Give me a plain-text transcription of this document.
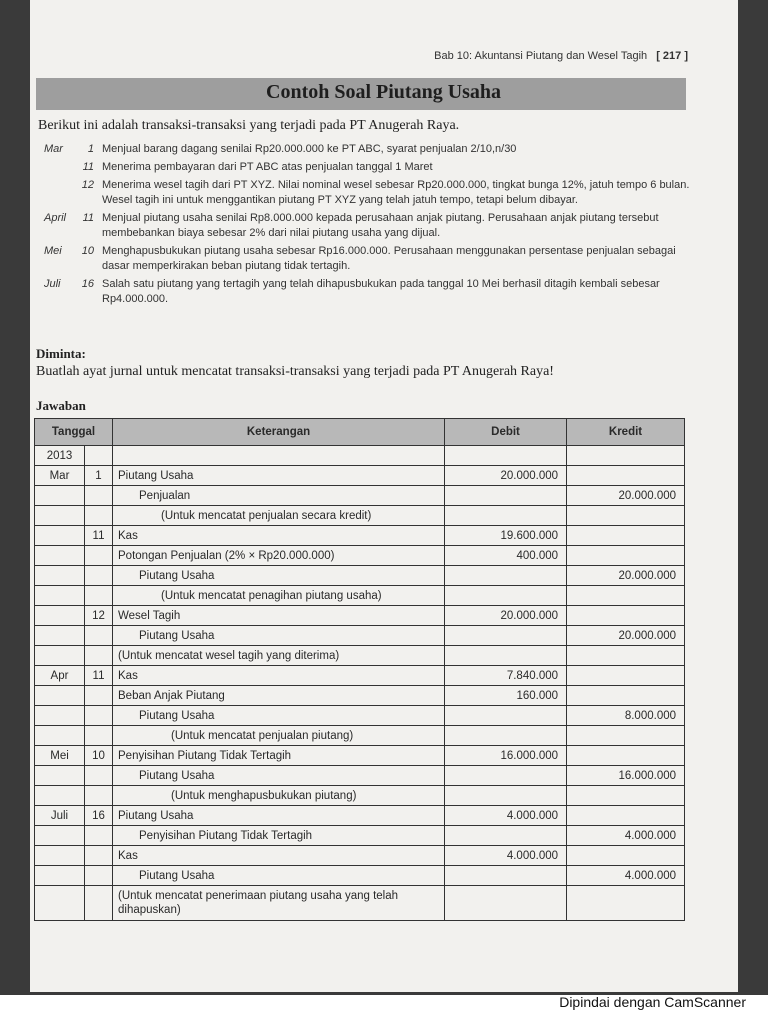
Bab 10: Akuntansi Piutang dan Wesel Tagih [ 217 ]
Contoh Soal Piutang Usaha
Berikut ini adalah transaksi-transaksi yang terjadi pada PT Anugerah Raya.
Mar	1 Menjual barang dagang senilai Rp20.000.000 ke PT ABC, syarat penjualan 2/10,n/30
11 Menerima pembayaran dari PT ABC atas penjualan tanggal 1 Maret
12 Menerima wesel tagih dari PT XYZ. Nilai nominal wesel sebesar Rp20.000.000, tingkat bunga 12%, jatuh tempo 6 bulan. Wesel tagih ini untuk menggantikan piutang PT XYZ yang telah jatuh tempo, tetapi belum dibayar.
April	11 Menjual piutang usaha senilai Rp8.000.000 kepada perusahaan anjak piutang. Perusahaan anjak piutang tersebut membebankan biaya sebesar 2% dari nilai piutang usaha yang dijual.
Mei	10 Menghapusbukukan piutang usaha sebesar Rp16.000.000. Perusahaan menggunakan persentase penjualan sebagai dasar memperkirakan beban piutang tidak tertagih.
Juli	16 Salah satu piutang yang tertagih yang telah dihapusbukukan pada tanggal 10 Mei berhasil ditagih kembali sebesar Rp4.000.000.
Diminta:
Buatlah ayat jurnal untuk mencatat transaksi-transaksi yang terjadi pada PT Anugerah Raya!
Jawaban
Tanggal		Keterangan	Debit	Kredit
2013				
Mar	1	Piutang Usaha	20.000.000	
		Penjualan		20.000.000
		(Untuk mencatat penjualan secara kredit)		
	11	Kas	19.600.000	
		Potongan Penjualan (2% × Rp20.000.000)	400.000	
		Piutang Usaha		20.000.000
		(Untuk mencatat penagihan piutang usaha)		
	12	Wesel Tagih	20.000.000	
		Piutang Usaha		20.000.000
		(Untuk mencatat wesel tagih yang diterima)		
Apr	11	Kas	7.840.000	
		Beban Anjak Piutang	160.000	
		Piutang Usaha		8.000.000
		(Untuk mencatat penjualan piutang)		
Mei	10	Penyisihan Piutang Tidak Tertagih	16.000.000	
		Piutang Usaha		16.000.000
		(Untuk menghapusbukukan piutang)		
Juli	16	Piutang Usaha	4.000.000	
		Penyisihan Piutang Tidak Tertagih		4.000.000
		Kas	4.000.000	
		Piutang Usaha		4.000.000
		(Untuk mencatat penerimaan piutang usaha yang telah dihapuskan)		
Dipindai dengan CamScanner
